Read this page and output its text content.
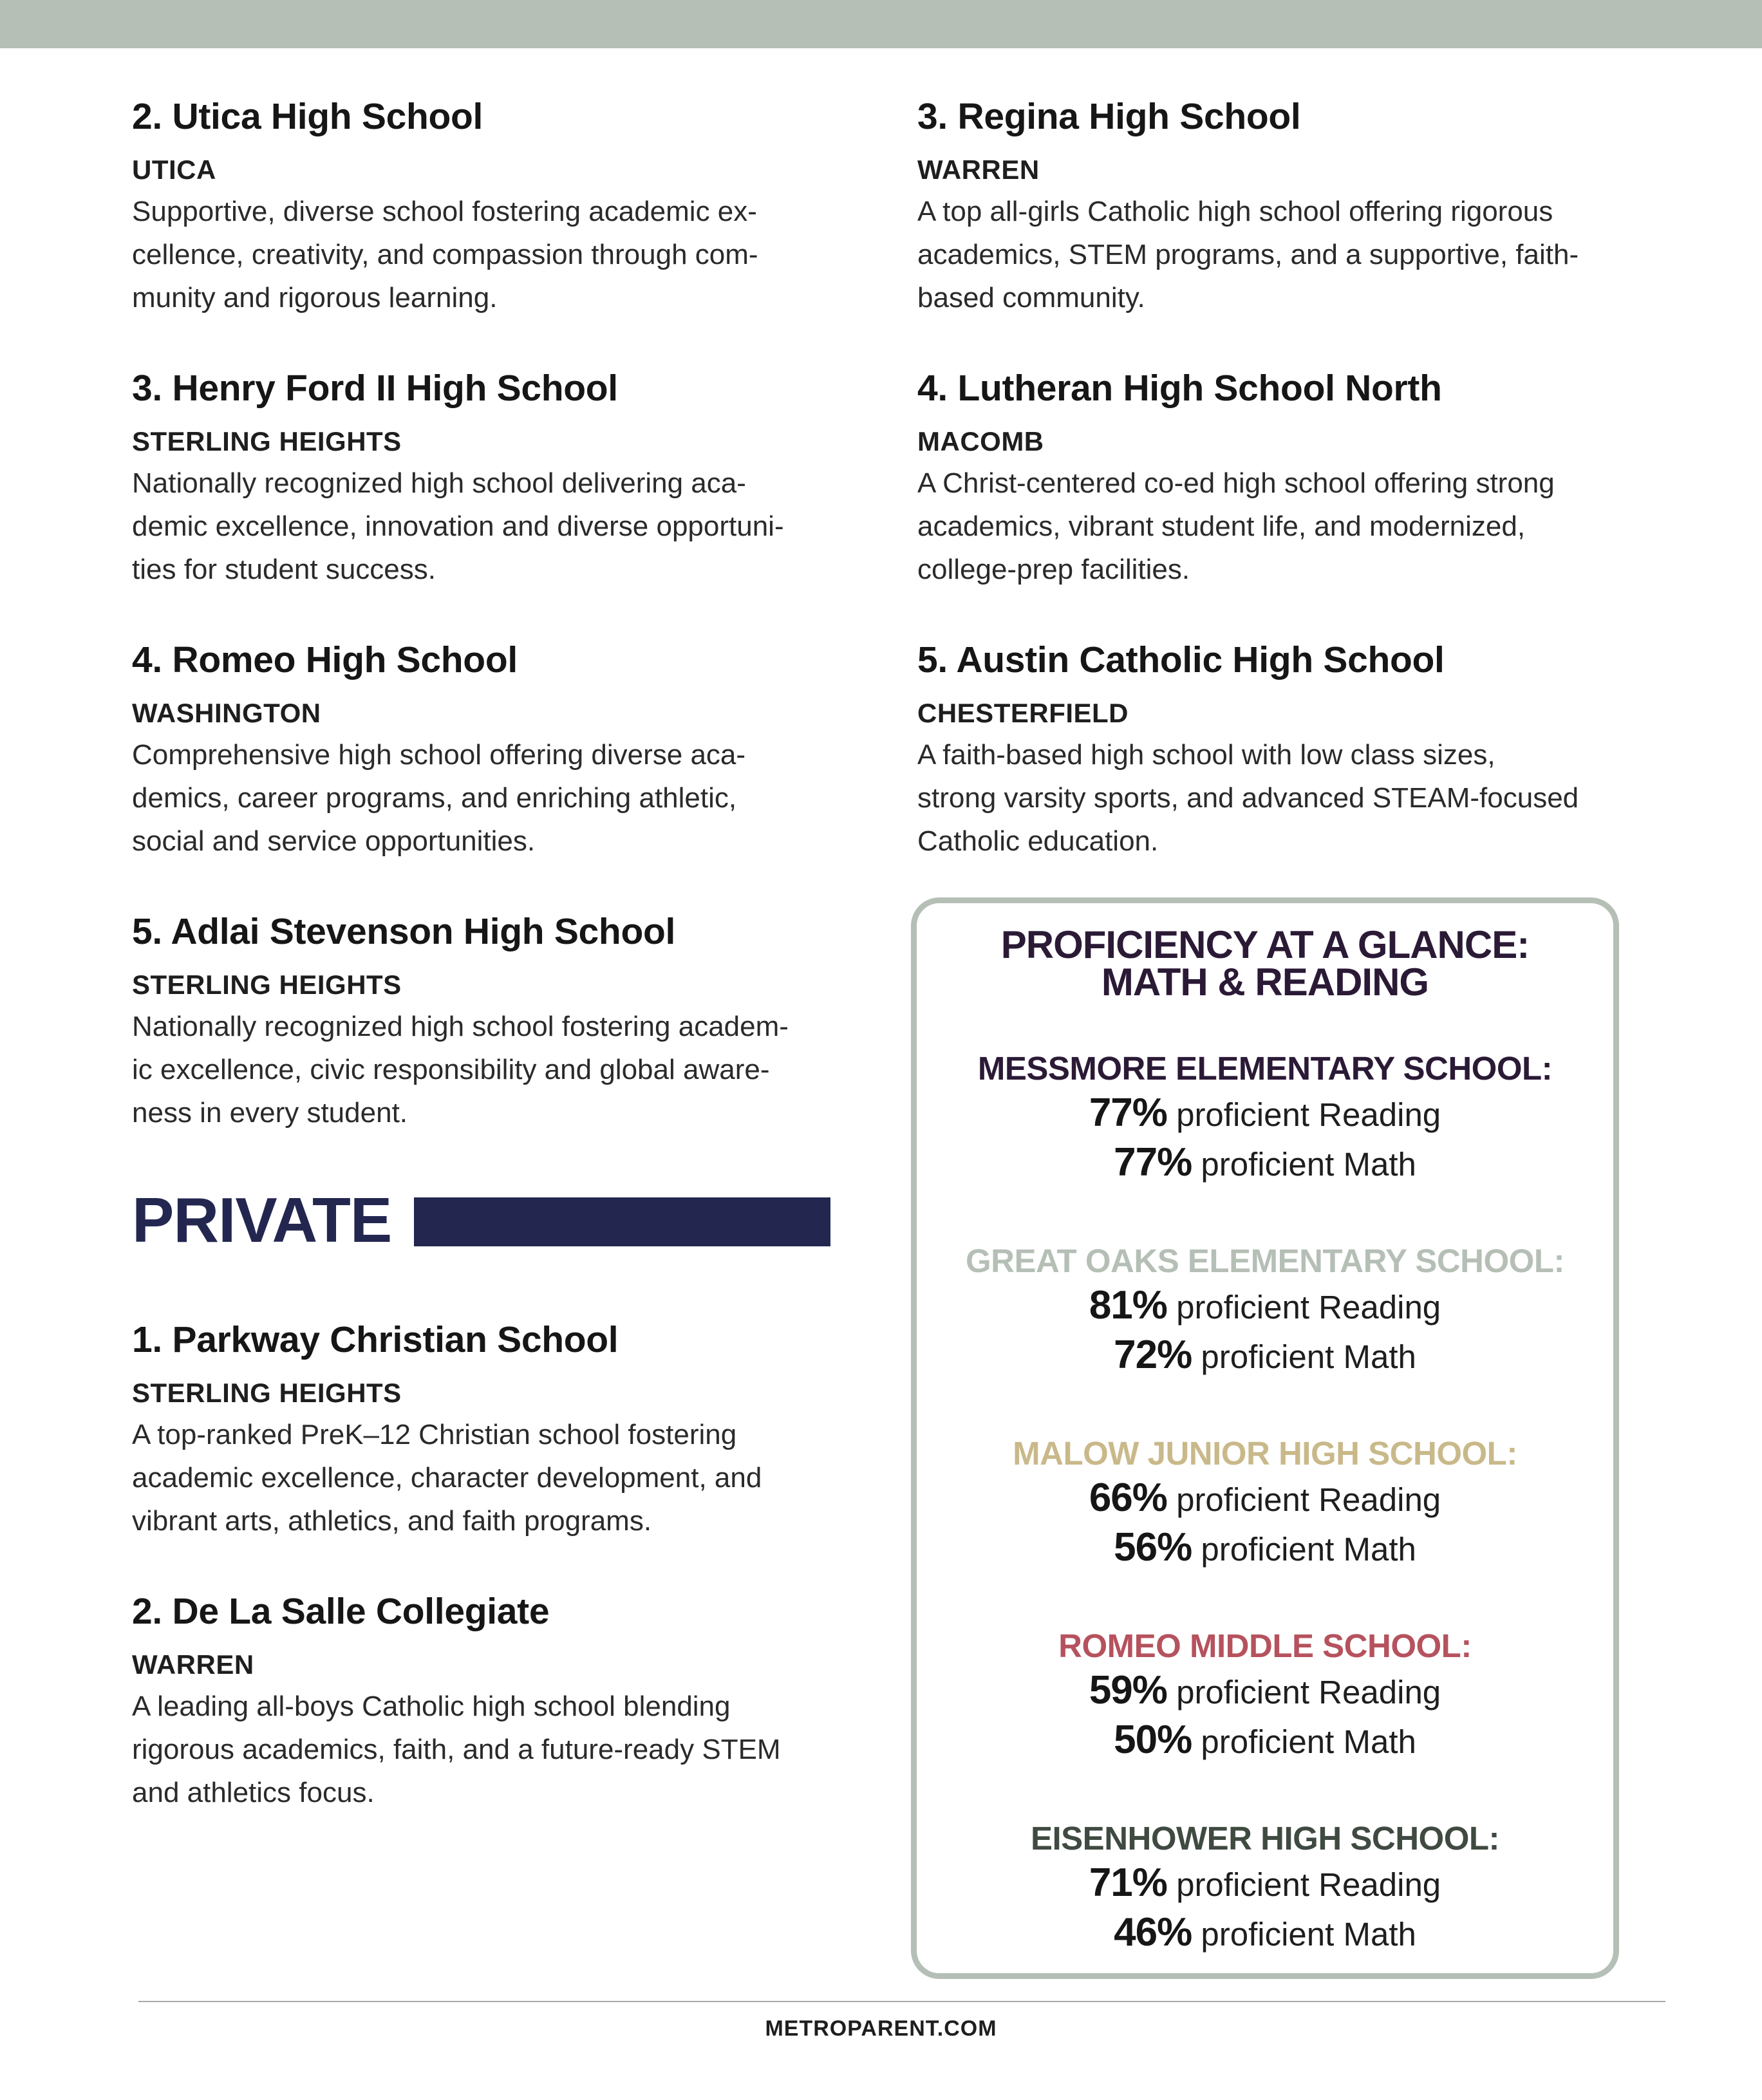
2. Utica High School
UTICA
Supportive, diverse school fostering academic ex-
cellence, creativity, and compassion through com-
munity and rigorous learning.
3. Henry Ford II High School
STERLING HEIGHTS
Nationally recognized high school delivering aca-
demic excellence, innovation and diverse opportuni-
ties for student success.
4. Romeo High School
WASHINGTON
Comprehensive high school offering diverse aca-
demics, career programs, and enriching athletic,
social and service opportunities.
5. Adlai Stevenson High School
STERLING HEIGHTS
Nationally recognized high school fostering academ-
ic excellence, civic responsibility and global aware-
ness in every student.
PRIVATE
1. Parkway Christian School
STERLING HEIGHTS
A top-ranked PreK–12 Christian school fostering
academic excellence, character development, and
vibrant arts, athletics, and faith programs.
2. De La Salle Collegiate
WARREN
A leading all-boys Catholic high school blending
rigorous academics, faith, and a future-ready STEM
and athletics focus.
3. Regina High School
WARREN
A top all-girls Catholic high school offering rigorous
academics, STEM programs, and a supportive, faith-
based community.
4. Lutheran High School North
MACOMB
A Christ-centered co-ed high school offering strong
academics, vibrant student life, and modernized,
college-prep facilities.
5. Austin Catholic High School
CHESTERFIELD
A faith-based high school with low class sizes,
strong varsity sports, and advanced STEAM-focused
Catholic education.
PROFICIENCY AT A GLANCE:
MATH & READING
MESSMORE ELEMENTARY SCHOOL:
77% proficient Reading
77% proficient Math
GREAT OAKS ELEMENTARY SCHOOL:
81% proficient Reading
72% proficient Math
MALOW JUNIOR HIGH SCHOOL:
66% proficient Reading
56% proficient Math
ROMEO MIDDLE SCHOOL:
59% proficient Reading
50% proficient Math
EISENHOWER HIGH SCHOOL:
71% proficient Reading
46% proficient Math
METROPARENT.COM
